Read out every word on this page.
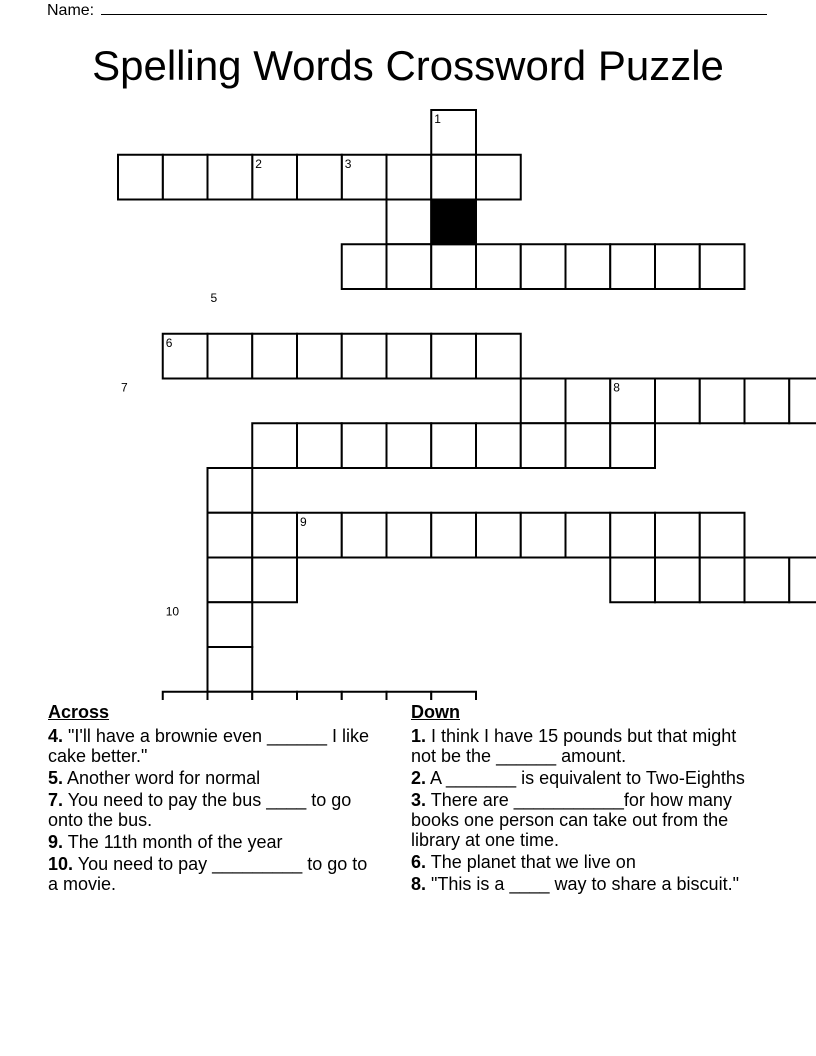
Name:
Spelling Words Crossword Puzzle
1
2	3
4
5
6
7	8
9
10
Across
4. "I'll have a brownie even ______ I like cake better."
5. Another word for normal
7. You need to pay the bus ____ to go onto the bus.
9. The 11th month of the year
10. You need to pay _________ to go to a movie.
Down
1. I think I have 15 pounds but that might not be the ______ amount.
2. A _______ is equivalent to Two-Eighths
3. There are ___________for how many books one person can take out from the library at one time.
6. The planet that we live on
8. "This is a ____ way to share a biscuit."
